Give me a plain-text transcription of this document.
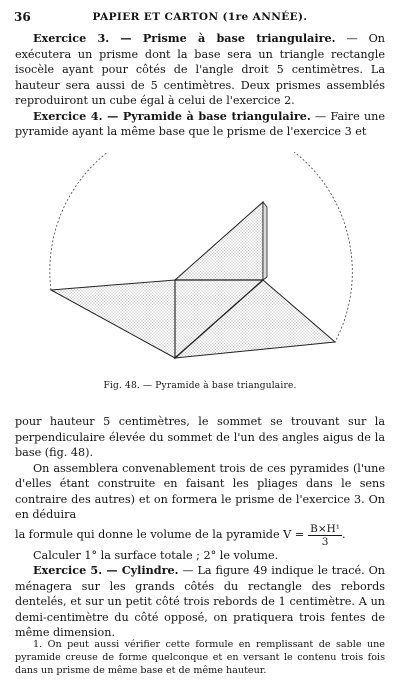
36	PAPIER ET CARTON (1re ANNÉE).

Exercice 3. — Prisme à base triangulaire. — On exécutera un prisme dont la base sera un triangle rectangle isocèle ayant pour côtés de l'angle droit 5 centimètres. La hauteur sera aussi de 5 centimètres. Deux prismes assemblés reproduiront un cube égal à celui de l'exercice 2.

Exercice 4. — Pyramide à base triangulaire. — Faire une pyramide ayant la même base que le prisme de l'exercice 3 et

Fig. 48. — Pyramide à base triangulaire.

pour hauteur 5 centimètres, le sommet se trouvant sur la perpendiculaire élevée du sommet de l'un des angles aigus de la base (fig. 48).

On assemblera convenablement trois de ces pyramides (l'une d'elles étant construite en faisant les pliages dans le sens contraire des autres) et on formera le prisme de l'exercice 3. On en déduira

la formule qui donne le volume de la pyramide $V = \frac{\text{B×H¹}}{3}$ .

Calculer 1° la surface totale ; 2° le volume.

Exercice 5. — Cylindre. — La figure 49 indique le tracé. On ménagera sur les grands côtés du rectangle des rebords dentelés, et sur un petit côté trois rebords de 1 centimètre. A un demi-centimètre du côté opposé, on pratiquera trois fentes de même dimension.

1. On peut aussi vérifier cette formule en remplissant de sable une pyramide creuse de forme quelconque et en versant le contenu trois fois dans un prisme de même base et de même hauteur.
